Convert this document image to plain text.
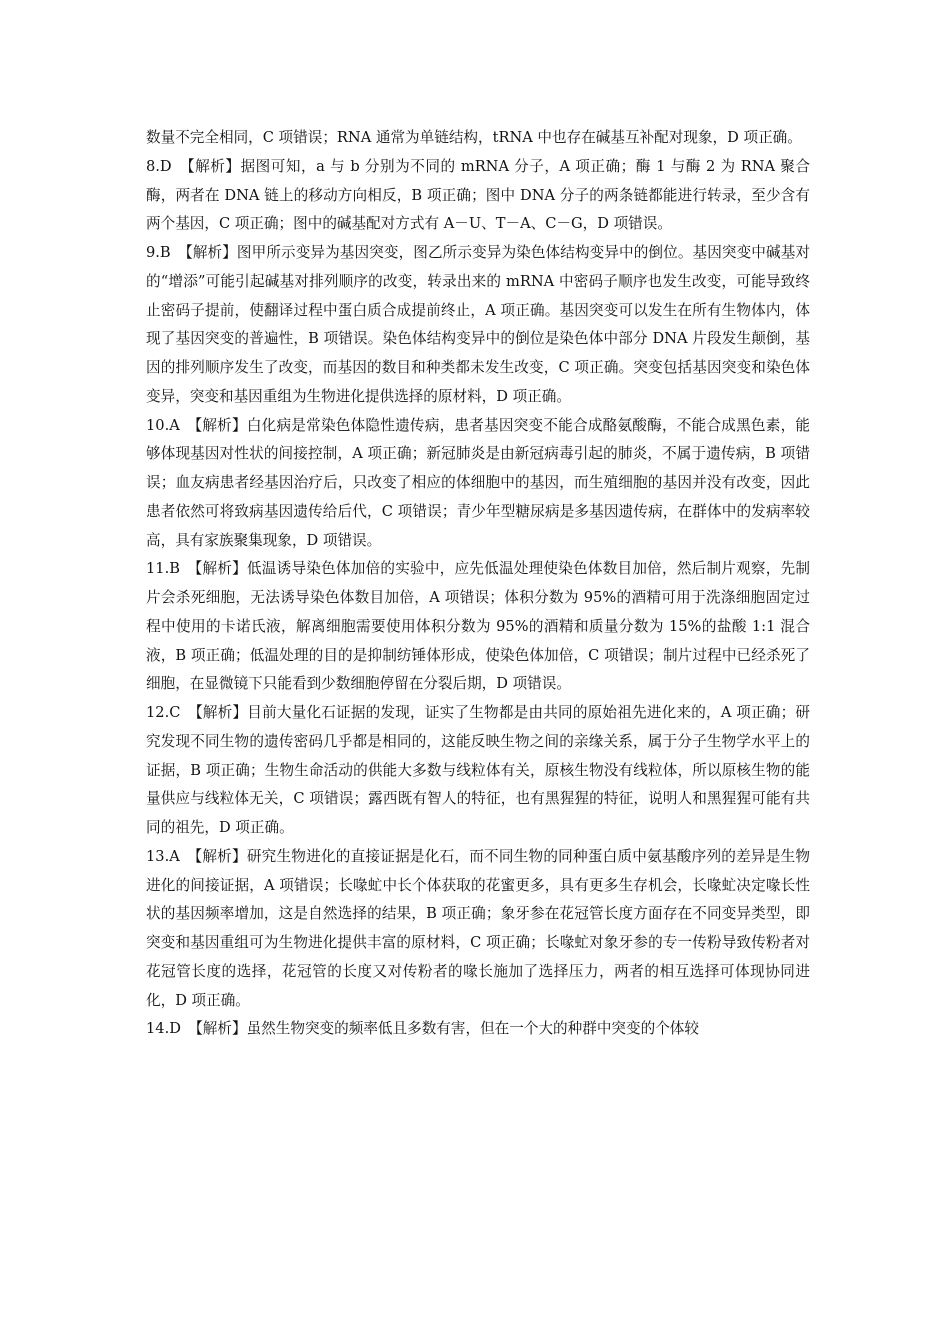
数量不完全相同，C 项错误；RNA 通常为单链结构，tRNA 中也存在碱基互补配对现象，D 项正确。

8.D　【解析】据图可知，a 与 b 分别为不同的 mRNA 分子，A 项正确；酶 1 与酶 2 为 RNA 聚合酶，两者在 DNA 链上的移动方向相反，B 项正确；图中 DNA 分子的两条链都能进行转录，至少含有两个基因，C 项正确；图中的碱基配对方式有 A－U、T－A、C－G，D 项错误。

9.B　【解析】图甲所示变异为基因突变，图乙所示变异为染色体结构变异中的倒位。基因突变中碱基对的“增添”可能引起碱基对排列顺序的改变，转录出来的 mRNA 中密码子顺序也发生改变，可能导致终止密码子提前，使翻译过程中蛋白质合成提前终止，A 项正确。基因突变可以发生在所有生物体内，体现了基因突变的普遍性，B 项错误。染色体结构变异中的倒位是染色体中部分 DNA 片段发生颠倒，基因的排列顺序发生了改变，而基因的数目和种类都未发生改变，C 项正确。突变包括基因突变和染色体变异，突变和基因重组为生物进化提供选择的原材料，D 项正确。

10.A　【解析】白化病是常染色体隐性遗传病，患者基因突变不能合成酪氨酸酶，不能合成黑色素，能够体现基因对性状的间接控制，A 项正确；新冠肺炎是由新冠病毒引起的肺炎，不属于遗传病，B 项错误；血友病患者经基因治疗后，只改变了相应的体细胞中的基因，而生殖细胞的基因并没有改变，因此患者依然可将致病基因遗传给后代，C 项错误；青少年型糖尿病是多基因遗传病，在群体中的发病率较高，具有家族聚集现象，D 项错误。

11.B　【解析】低温诱导染色体加倍的实验中，应先低温处理使染色体数目加倍，然后制片观察，先制片会杀死细胞，无法诱导染色体数目加倍，A 项错误；体积分数为 95%的酒精可用于洗涤细胞固定过程中使用的卡诺氏液，解离细胞需要使用体积分数为 95%的酒精和质量分数为 15%的盐酸 1:1 混合液，B 项正确；低温处理的目的是抑制纺锤体形成，使染色体加倍，C 项错误；制片过程中已经杀死了细胞，在显微镜下只能看到少数细胞停留在分裂后期，D 项错误。

12.C　【解析】目前大量化石证据的发现，证实了生物都是由共同的原始祖先进化来的，A 项正确；研究发现不同生物的遗传密码几乎都是相同的，这能反映生物之间的亲缘关系，属于分子生物学水平上的证据，B 项正确；生物生命活动的供能大多数与线粒体有关，原核生物没有线粒体，所以原核生物的能量供应与线粒体无关，C 项错误；露西既有智人的特征，也有黑猩猩的特征，说明人和黑猩猩可能有共同的祖先，D 项正确。

13.A　【解析】研究生物进化的直接证据是化石，而不同生物的同种蛋白质中氨基酸序列的差异是生物进化的间接证据，A 项错误；长喙虻中长个体获取的花蜜更多，具有更多生存机会，长喙虻决定喙长性状的基因频率增加，这是自然选择的结果，B 项正确；象牙参在花冠管长度方面存在不同变异类型，即突变和基因重组可为生物进化提供丰富的原材料，C 项正确；长喙虻对象牙参的专一传粉导致传粉者对花冠管长度的选择，花冠管的长度又对传粉者的喙长施加了选择压力，两者的相互选择可体现协同进化，D 项正确。

14.D　【解析】虽然生物突变的频率低且多数有害，但在一个大的种群中突变的个体较
